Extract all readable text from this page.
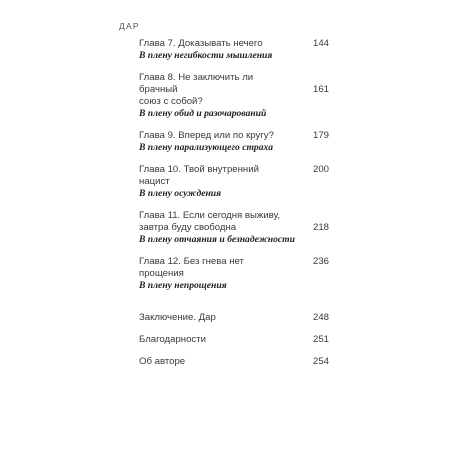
ДАР
144
Глава 7. Доказывать нечего
В плену негибкости мышления
161
Глава 8. Не заключить ли брачный
союз с собой?
В плену обид и разочарований
179
Глава 9. Вперед или по кругу?
В плену парализующего страха
200
Глава 10. Твой внутренний нацист
В плену осуждения
218
Глава 11. Если сегодня выживу,
завтра буду свободна
В плену отчаяния и безнадежности
236
Глава 12. Без гнева нет прощения
В плену непрощения
248
Заключение. Дар
251
Благодарности
254
Об авторе
